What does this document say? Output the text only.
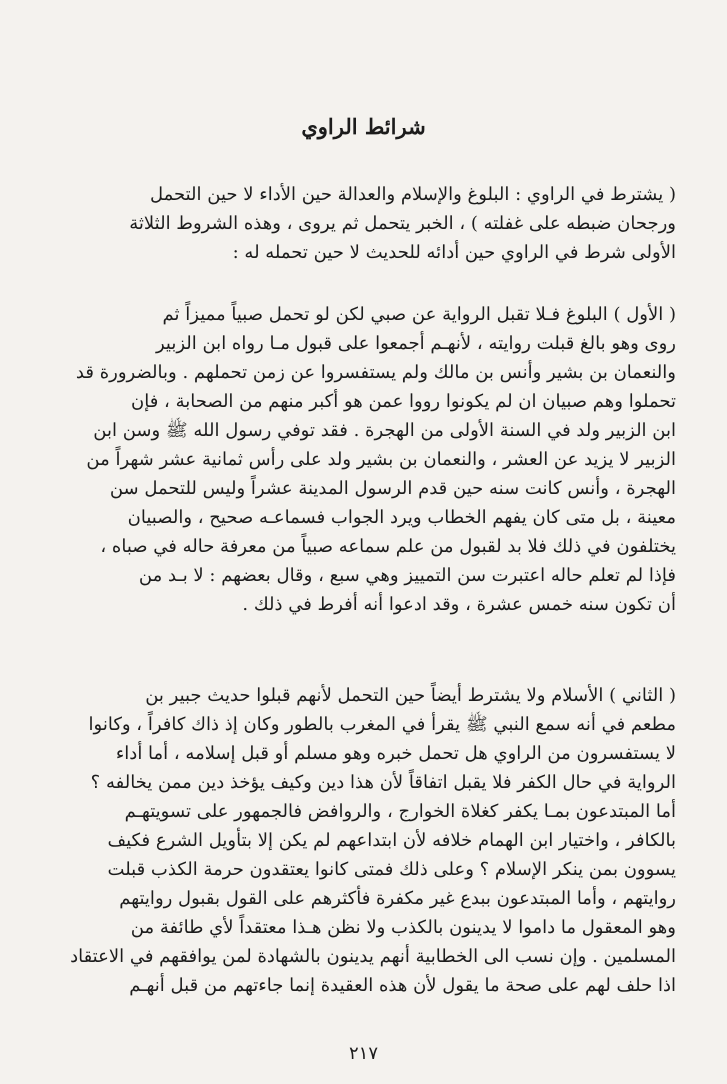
شرائط الراوي
( يشترط في الراوي : البلوغ والإسلام والعدالة حين الأداء لا حين التحمل
ورجحان ضبطه على غفلته ) ، الخبر يتحمل ثم يروى ، وهذه الشروط الثلاثة
الأولى شرط في الراوي حين أدائه للحديث لا حين تحمله له :
( الأول ) البلوغ فـلا تقبل الرواية عن صبي لكن لو تحمل صبياً مميزاً ثم
روى وهو بالغ قبلت روايته ، لأنهـم أجمعوا على قبول مـا رواه ابن الزبير
والنعمان بن بشير وأنس بن مالك ولم يستفسروا عن زمن تحملهم . وبالضرورة قد
تحملوا وهم صبيان ان لم يكونوا رووا عمن هو أكبر منهم من الصحابة ، فإن
ابن الزبير ولد في السنة الأولى من الهجرة . فقد توفي رسول الله ﷺ وسن ابن
الزبير لا يزيد عن العشر ، والنعمان بن بشير ولد على رأس ثمانية عشر شهراً من
الهجرة ، وأنس كانت سنه حين قدم الرسول المدينة عشراً وليس للتحمل سن
معينة ، بل متى كان يفهم الخطاب ويرد الجواب فسماعـه صحيح ، والصبيان
يختلفون في ذلك فلا بد لقبول من علم سماعه صبياً من معرفة حاله في صباه ،
فإذا لم تعلم حاله اعتبرت سن التمييز وهي سبع ، وقال بعضهم : لا بـد من
أن تكون سنه خمس عشرة ، وقد ادعوا أنه أفرط في ذلك .
( الثاني ) الأسلام ولا يشترط أيضاً حين التحمل لأنهم قبلوا حديث جبير بن
مطعم في أنه سمع النبي ﷺ يقرأ في المغرب بالطور وكان إذ ذاك كافراً ، وكانوا
لا يستفسرون من الراوي هل تحمل خبره وهو مسلم أو قبل إسلامه ، أما أداء
الرواية في حال الكفر فلا يقبل اتفاقاً لأن هذا دين وكيف يؤخذ دين ممن يخالفه ؟
أما المبتدعون بمـا يكفر كغلاة الخوارج ، والروافض فالجمهور على تسويتهـم
بالكافر ، واختيار ابن الهمام خلافه لأن ابتداعهم لم يكن إلا بتأويل الشرع فكيف
يسوون بمن ينكر الإسلام ؟ وعلى ذلك فمتى كانوا يعتقدون حرمة الكذب قبلت
روايتهم ، وأما المبتدعون ببدع غير مكفرة فأكثرهم على القول بقبول روايتهم
وهو المعقول ما داموا لا يدينون بالكذب ولا نظن هـذا معتقداً لأي طائفة من
المسلمين . وإن نسب الى الخطابية أنهم يدينون بالشهادة لمن يوافقهم في الاعتقاد
اذا حلف لهم على صحة ما يقول لأن هذه العقيدة إنما جاءتهم من قبل أنهـم
٢١٧
